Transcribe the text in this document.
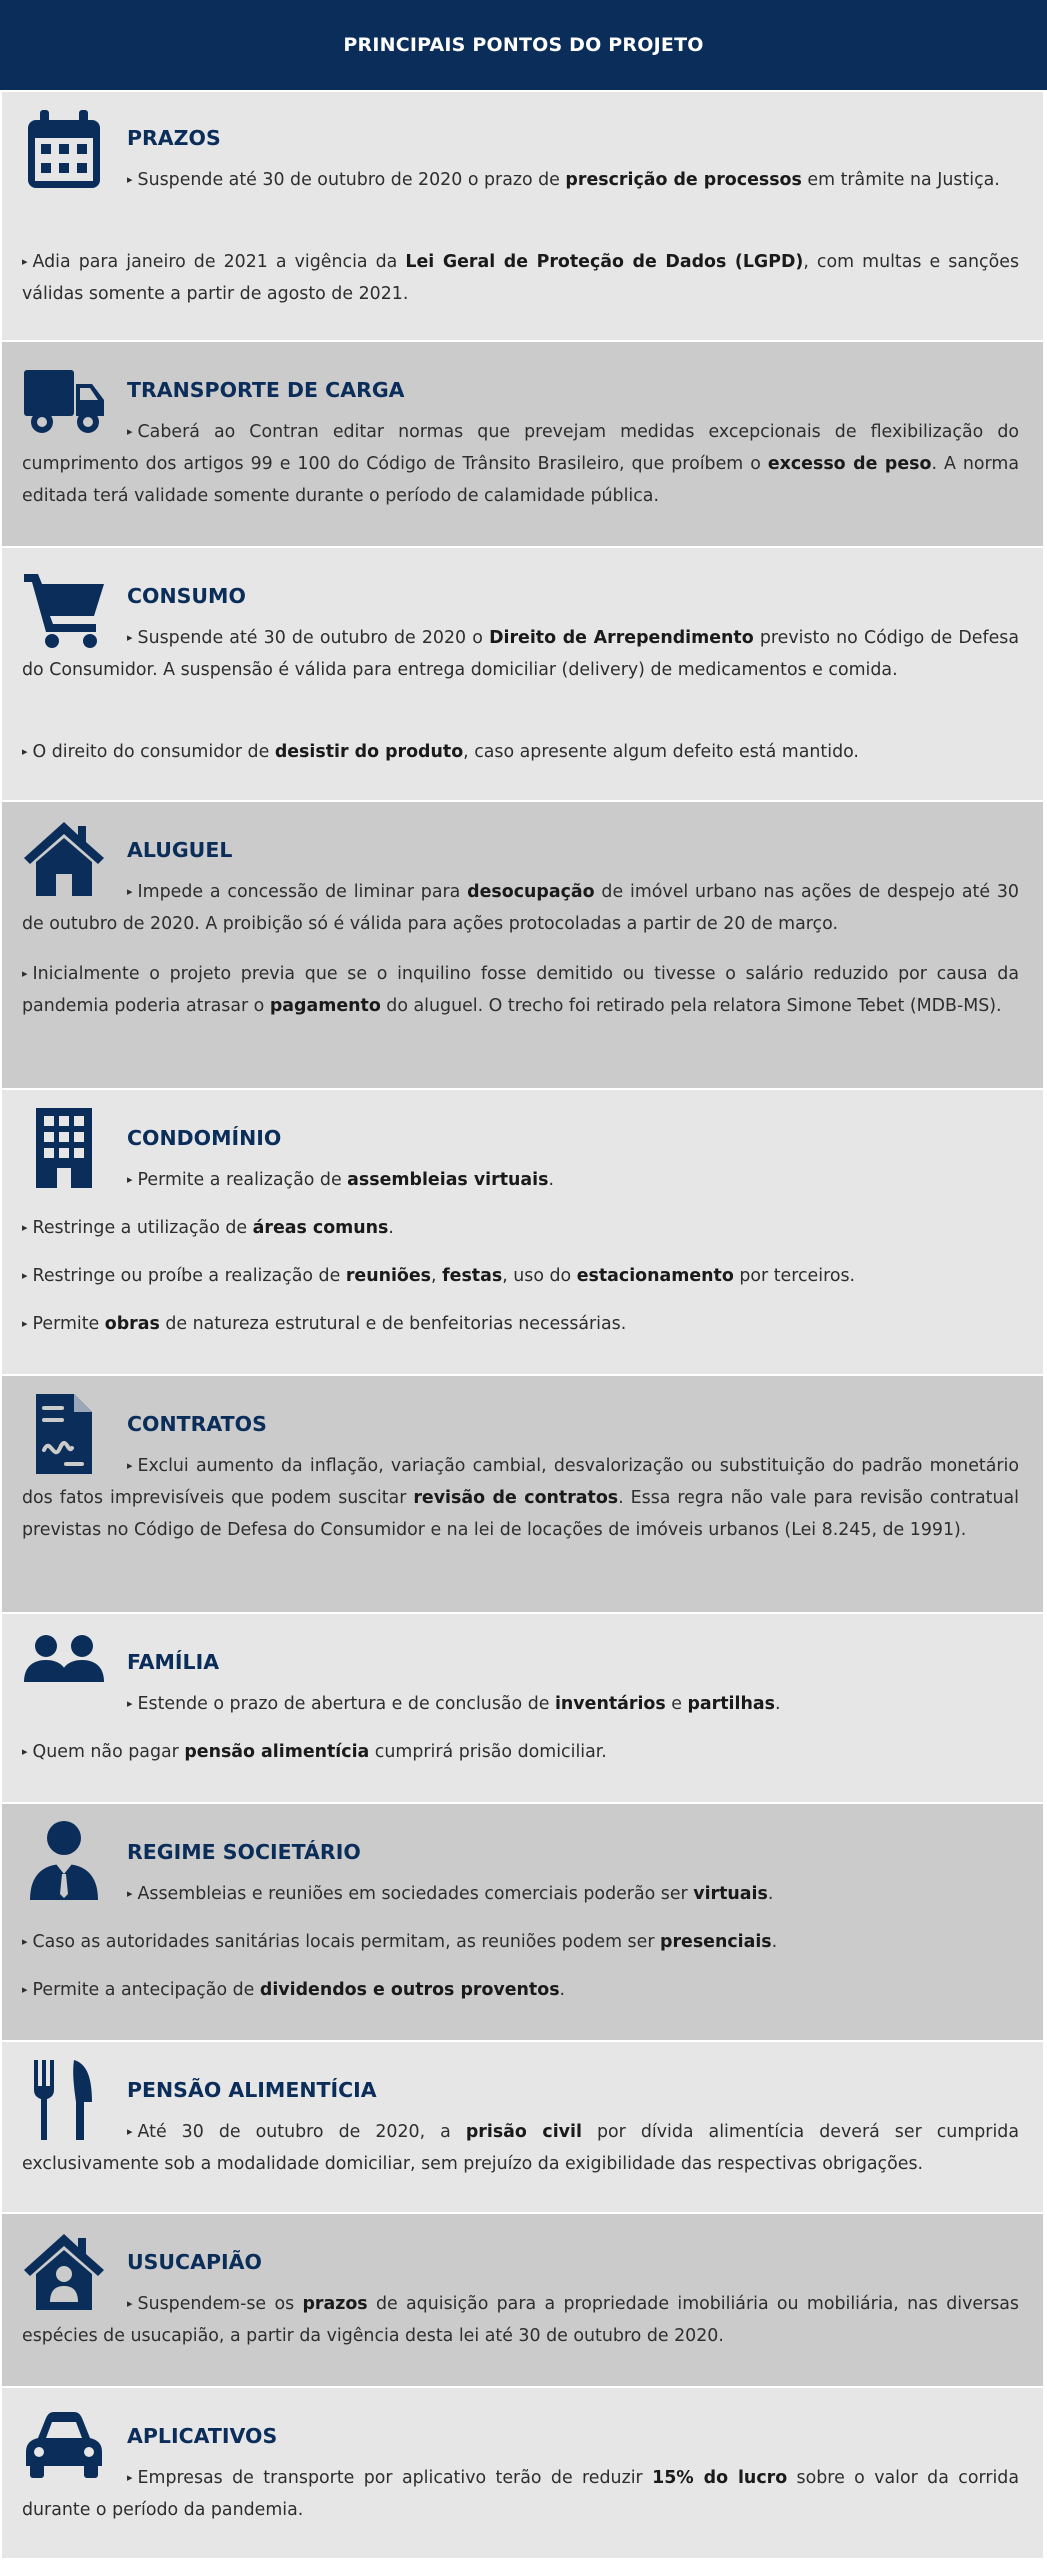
PRINCIPAIS PONTOS DO PROJETO
PRAZOS
▸ Suspende até 30 de outubro de 2020 o prazo de prescrição de processos em trâmite na Justiça.
▸ Adia para janeiro de 2021 a vigência da Lei Geral de Proteção de Dados (LGPD), com multas e sanções válidas somente a partir de agosto de 2021.
TRANSPORTE DE CARGA
▸ Caberá ao Contran editar normas que prevejam medidas excepcionais de flexibilização do cumprimento dos artigos 99 e 100 do Código de Trânsito Brasileiro, que proíbem o excesso de peso. A norma editada terá validade somente durante o período de calamidade pública.
CONSUMO
▸ Suspende até 30 de outubro de 2020 o Direito de Arrependimento previsto no Código de Defesa do Consumidor. A suspensão é válida para entrega domiciliar (delivery) de medicamentos e comida.
▸ O direito do consumidor de desistir do produto, caso apresente algum defeito está mantido.
ALUGUEL
▸ Impede a concessão de liminar para desocupação de imóvel urbano nas ações de despejo até 30 de outubro de 2020. A proibição só é válida para ações protocoladas a partir de 20 de março.
▸ Inicialmente o projeto previa que se o inquilino fosse demitido ou tivesse o salário reduzido por causa da pandemia poderia atrasar o pagamento do aluguel. O trecho foi retirado pela relatora Simone Tebet (MDB-MS).
CONDOMÍNIO
▸ Permite a realização de assembleias virtuais.
▸ Restringe a utilização de áreas comuns.
▸ Restringe ou proíbe a realização de reuniões, festas, uso do estacionamento por terceiros.
▸ Permite obras de natureza estrutural e de benfeitorias necessárias.
CONTRATOS
▸ Exclui aumento da inflação, variação cambial, desvalorização ou substituição do padrão monetário dos fatos imprevisíveis que podem suscitar revisão de contratos. Essa regra não vale para revisão contratual previstas no Código de Defesa do Consumidor e na lei de locações de imóveis urbanos (Lei 8.245, de 1991).
FAMÍLIA
▸ Estende o prazo de abertura e de conclusão de inventários e partilhas.
▸ Quem não pagar pensão alimentícia cumprirá prisão domiciliar.
REGIME SOCIETÁRIO
▸ Assembleias e reuniões em sociedades comerciais poderão ser virtuais.
▸ Caso as autoridades sanitárias locais permitam, as reuniões podem ser presenciais.
▸ Permite a antecipação de dividendos e outros proventos.
PENSÃO ALIMENTÍCIA
▸ Até 30 de outubro de 2020, a prisão civil por dívida alimentícia deverá ser cumprida exclusivamente sob a modalidade domiciliar, sem prejuízo da exigibilidade das respectivas obrigações.
USUCAPIÃO
▸ Suspendem-se os prazos de aquisição para a propriedade imobiliária ou mobiliária, nas diversas espécies de usucapião, a partir da vigência desta lei até 30 de outubro de 2020.
APLICATIVOS
▸ Empresas de transporte por aplicativo terão de reduzir 15% do lucro sobre o valor da corrida durante o período da pandemia.
